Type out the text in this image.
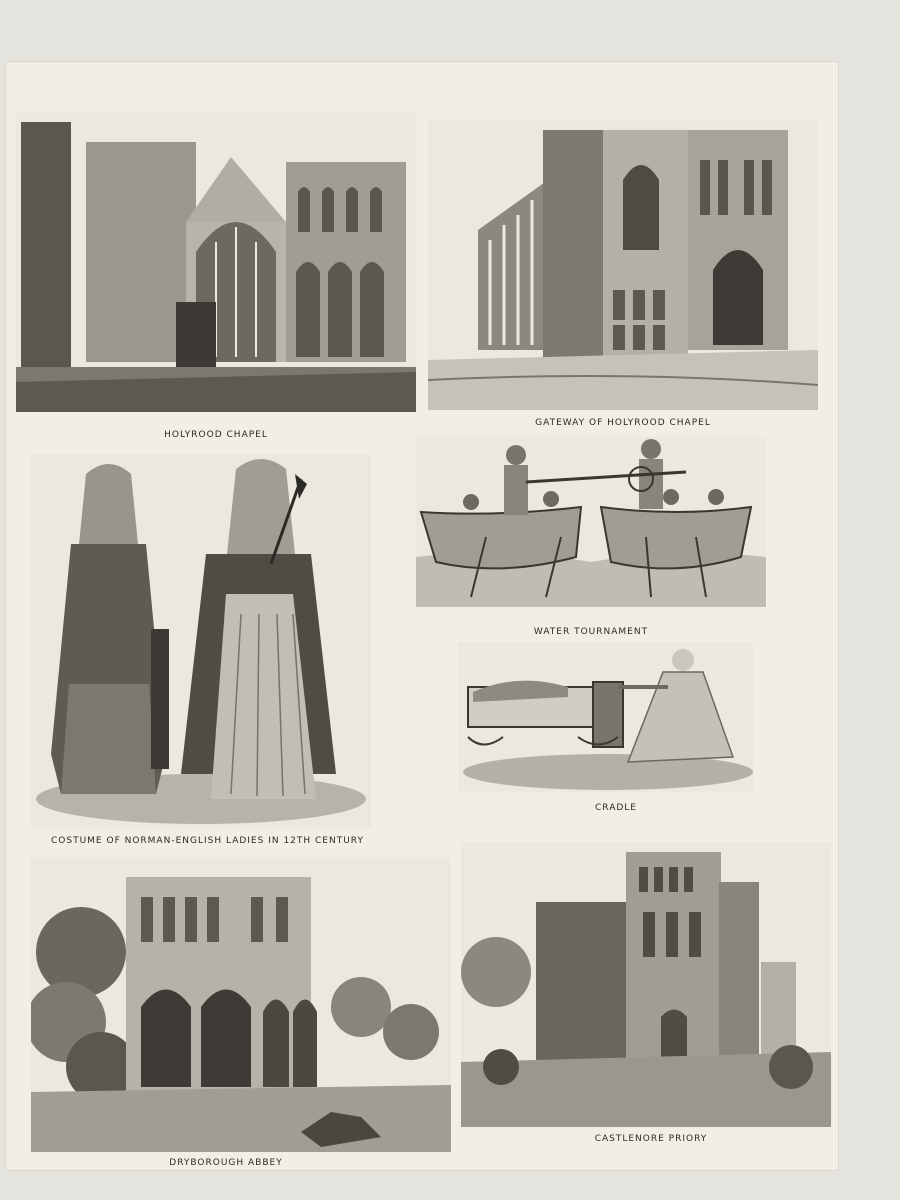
HOLYROOD CHAPEL
GATEWAY OF HOLYROOD CHAPEL
COSTUME OF NORMAN-ENGLISH LADIES IN 12TH CENTURY
WATER TOURNAMENT
CRADLE
DRYBOROUGH ABBEY
CASTLENORE PRIORY
